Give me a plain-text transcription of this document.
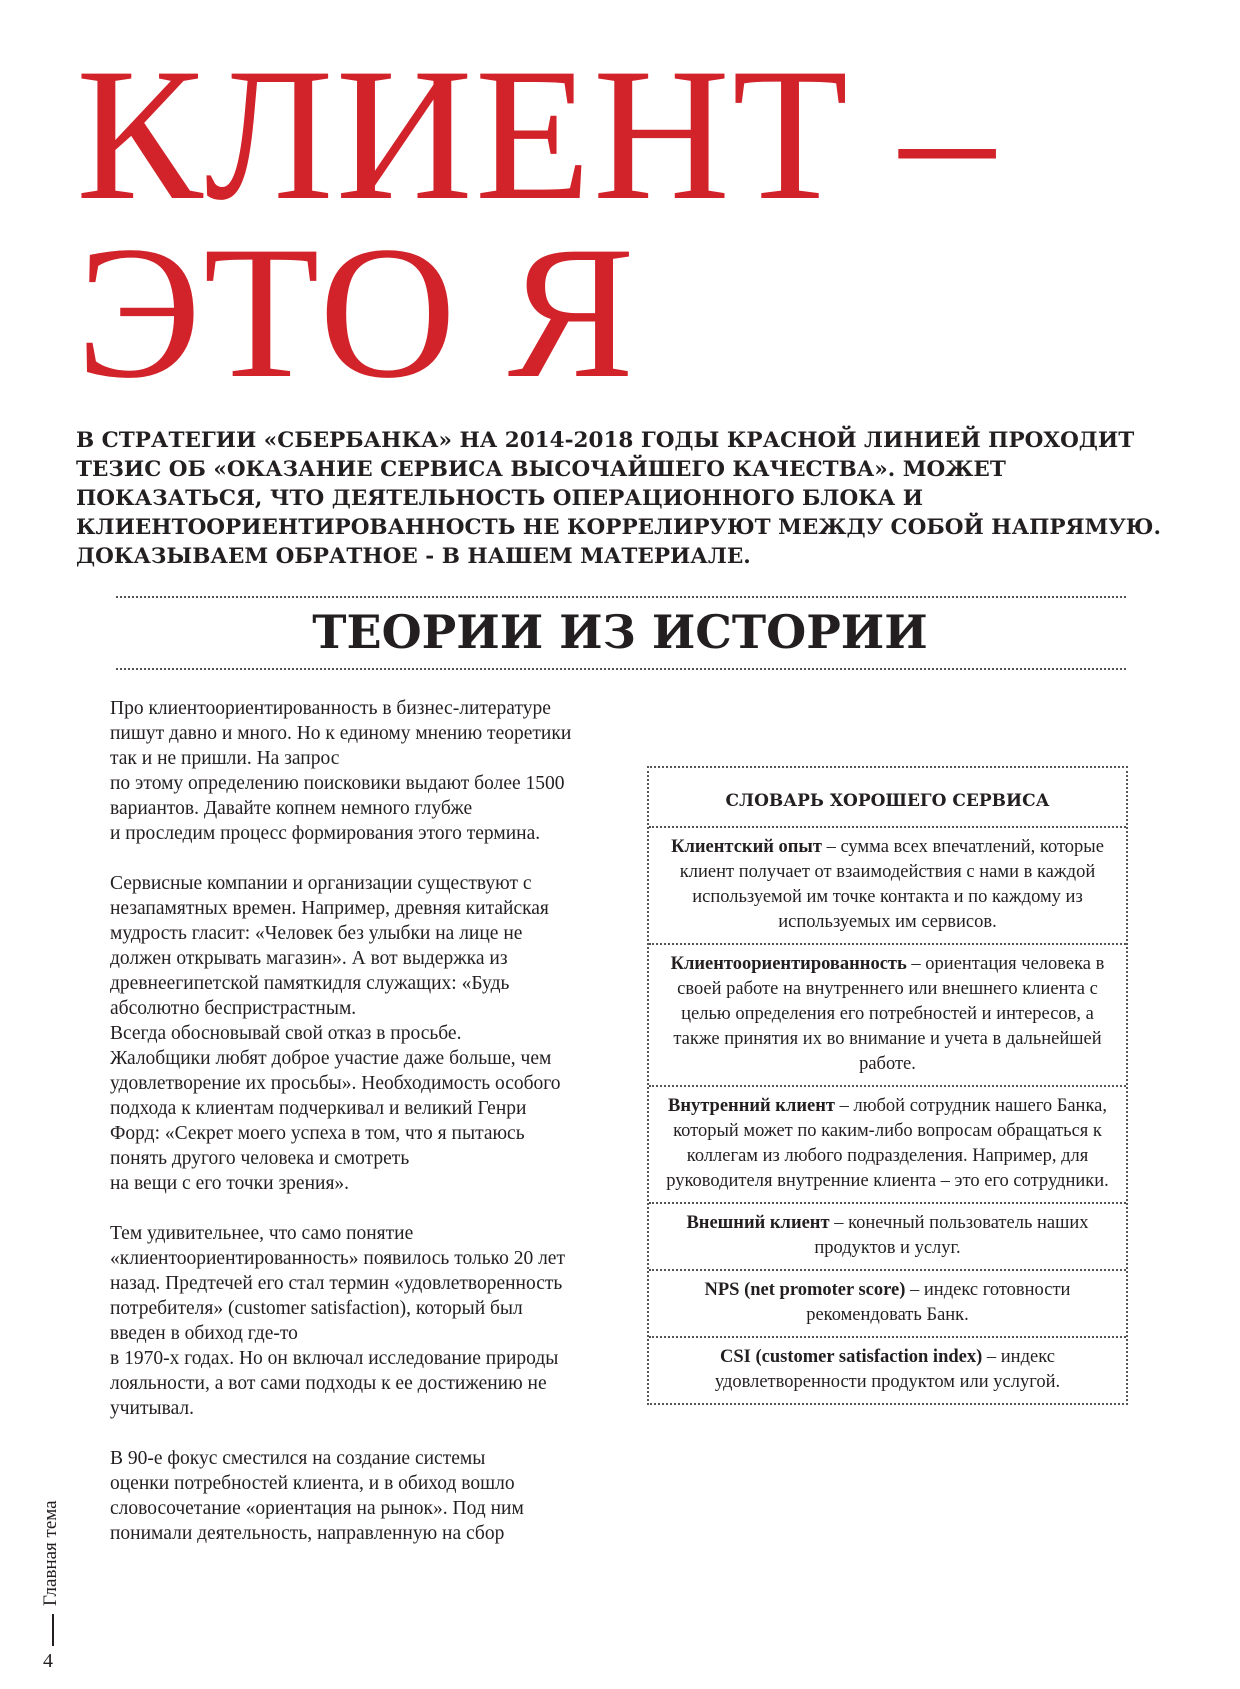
КЛИЕНТ –
ЭТО Я

В СТРАТЕГИИ «СБЕРБАНКА» НА 2014-2018 ГОДЫ КРАСНОЙ ЛИНИЕЙ ПРОХОДИТ ТЕЗИС ОБ «ОКАЗАНИЕ СЕРВИСА ВЫСОЧАЙШЕГО КАЧЕСТВА». МОЖЕТ ПОКАЗАТЬСЯ, ЧТО ДЕЯТЕЛЬНОСТЬ ОПЕРАЦИОННОГО БЛОКА И КЛИЕНТООРИЕНТИРОВАННОСТЬ НЕ КОРРЕЛИРУЮТ МЕЖДУ СОБОЙ НАПРЯМУЮ. ДОКАЗЫВАЕМ ОБРАТНОЕ - В НАШЕМ МАТЕРИАЛЕ.

ТЕОРИИ ИЗ ИСТОРИИ

Про клиентоориентированность в бизнес-литературе
пишут давно и много. Но к единому мнению теоретики
так и не пришли. На запрос
по этому определению поисковики выдают более 1500
вариантов. Давайте копнем немного глубже
и проследим процесс формирования этого термина.

Сервисные компании и организации существуют с
незапамятных времен. Например, древняя китайская
мудрость гласит: «Человек без улыбки на лице не
должен открывать магазин». А вот выдержка из
древнеегипетской памяткидля служащих: «Будь
абсолютно беспристрастным.
Всегда обосновывай свой отказ в просьбе.
Жалобщики любят доброе участие даже больше, чем
удовлетворение их просьбы». Необходимость особого
подхода к клиентам подчеркивал и великий Генри
Форд: «Секрет моего успеха в том, что я пытаюсь
понять другого человека и смотреть
на вещи с его точки зрения».

Тем удивительнее, что само понятие
«клиентоориентированность» появилось только 20 лет
назад. Предтечей его стал термин «удовлетворенность
потребителя» (customer satisfaction), который был
введен в обиход где-то
в 1970-х годах. Но он включал исследование природы
лояльности, а вот сами подходы к ее достижению не
учитывал.

В 90-е фокус сместился на создание системы
оценки потребностей клиента, и в обиход вошло
словосочетание «ориентация на рынок». Под ним
понимали деятельность, направленную на сбор

СЛОВАРЬ ХОРОШЕГО СЕРВИСА
Клиентский опыт – сумма всех впечатлений, которые клиент получает от взаимодействия с нами в каждой используемой им точке контакта и по каждому из используемых им сервисов.
Клиентоориентированность – ориентация человека в своей работе на внутреннего или внешнего клиента с целью определения его потребностей и интересов, а также принятия их во внимание и учета в дальнейшей работе.
Внутренний клиент – любой сотрудник нашего Банка, который может по каким-либо вопросам обращаться к коллегам из любого подразделения. Например, для руководителя внутренние клиента – это его сотрудники.
Внешний клиент – конечный пользователь наших продуктов и услуг.
NPS (net promoter score) – индекс готовности рекомендовать Банк.
CSI (customer satisfaction index) – индекс удовлетворенности продуктом или услугой.
Главная тема
4
